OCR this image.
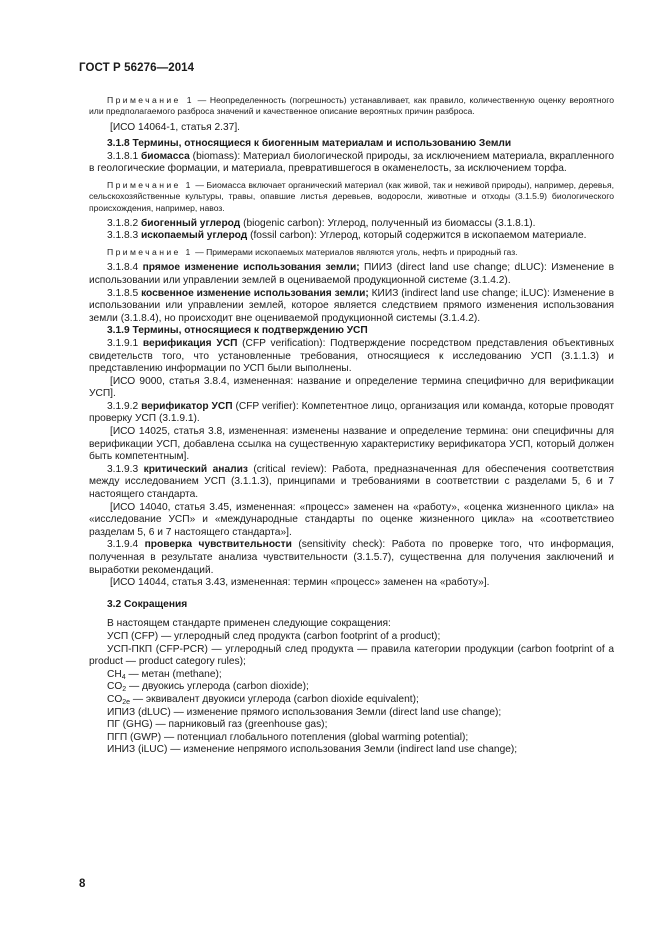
ГОСТ Р 56276—2014

Примечание 1 — Неопределенность (погрешность) устанавливает, как правило, количественную оценку вероятного или предполагаемого разброса значений и качественное описание вероятных причин разброса.

[ИСО 14064-1, статья 2.37].

3.1.8 Термины, относящиеся к биогенным материалам и использованию Земли

3.1.8.1 биомасса (biomass): Материал биологической природы, за исключением материала, вкрапленного в геологические формации, и материала, превратившегося в окаменелость, за исключением торфа.

Примечание 1 — Биомасса включает органический материал (как живой, так и неживой природы), например, деревья, сельскохозяйственные культуры, травы, опавшие листья деревьев, водоросли, животные и отходы (3.1.5.9) биологического происхождения, например, навоз.

3.1.8.2 биогенный углерод (biogenic carbon): Углерод, полученный из биомассы (3.1.8.1).

3.1.8.3 ископаемый углерод (fossil carbon): Углерод, который содержится в ископаемом материале.

Примечание 1 — Примерами ископаемых материалов являются уголь, нефть и природный газ.

3.1.8.4 прямое изменение использования земли; ПИИЗ (direct land use change; dLUC): Изменение в использовании или управлении землей в оцениваемой продукционной системе (3.1.4.2).

3.1.8.5 косвенное изменение использования земли; КИИЗ (indirect land use change; iLUC): Изменение в использовании или управлении землей, которое является следствием прямого изменения использования земли (3.1.8.4), но происходит вне оцениваемой продукционной системы (3.1.4.2).

3.1.9 Термины, относящиеся к подтверждению УСП

3.1.9.1 верификация УСП (CFP verification): Подтверждение посредством представления объективных свидетельств того, что установленные требования, относящиеся к исследованию УСП (3.1.1.3) и представлению информации по УСП были выполнены.

[ИСО 9000, статья 3.8.4, измененная: название и определение термина специфично для верификации УСП].

3.1.9.2 верификатор УСП (CFP verifier): Компетентное лицо, организация или команда, которые проводят проверку УСП (3.1.9.1).

[ИСО 14025, статья 3.8, измененная: изменены название и определение термина: они специфичны для верификации УСП, добавлена ссылка на существенную характеристику верификатора УСП, который должен быть компетентным].

3.1.9.3 критический анализ (critical review): Работа, предназначенная для обеспечения соответствия между исследованием УСП (3.1.1.3), принципами и требованиями в соответствии с разделами 5, 6 и 7 настоящего стандарта.

[ИСО 14040, статья 3.45, измененная: «процесс» заменен на «работу», «оценка жизненного цикла» на «исследование УСП» и «международные стандарты по оценке жизненного цикла» на «соответствиео разделам 5, 6 и 7 настоящего стандарта»].

3.1.9.4 проверка чувствительности (sensitivity check): Работа по проверке того, что информация, полученная в результате анализа чувствительности (3.1.5.7), существенна для получения заключений и выработки рекомендаций.

[ИСО 14044, статья 3.43, измененная: термин «процесс» заменен на «работу»].

3.2 Сокращения

В настоящем стандарте применен следующие сокращения:

УСП (CFP) — углеродный след продукта (carbon footprint of a product);

УСП-ПКП (CFP-PCR) — углеродный след продукта — правила категории продукции (carbon footprint of a product — product category rules);

$CH_4$ — метан (methane);

$CO_2$ — двуокись углерода (carbon dioxide);

$CO_{2e}$ — эквивалент двуокиси углерода (carbon dioxide equivalent);

ИПИЗ (dLUC) — изменение прямого использования Земли (direct land use change);

ПГ (GHG) — парниковый газ (greenhouse gas);

ПГП (GWP) — потенциал глобального потепления (global warming potential);

ИНИЗ (iLUC) — изменение непрямого использования Земли (indirect land use change);

8
